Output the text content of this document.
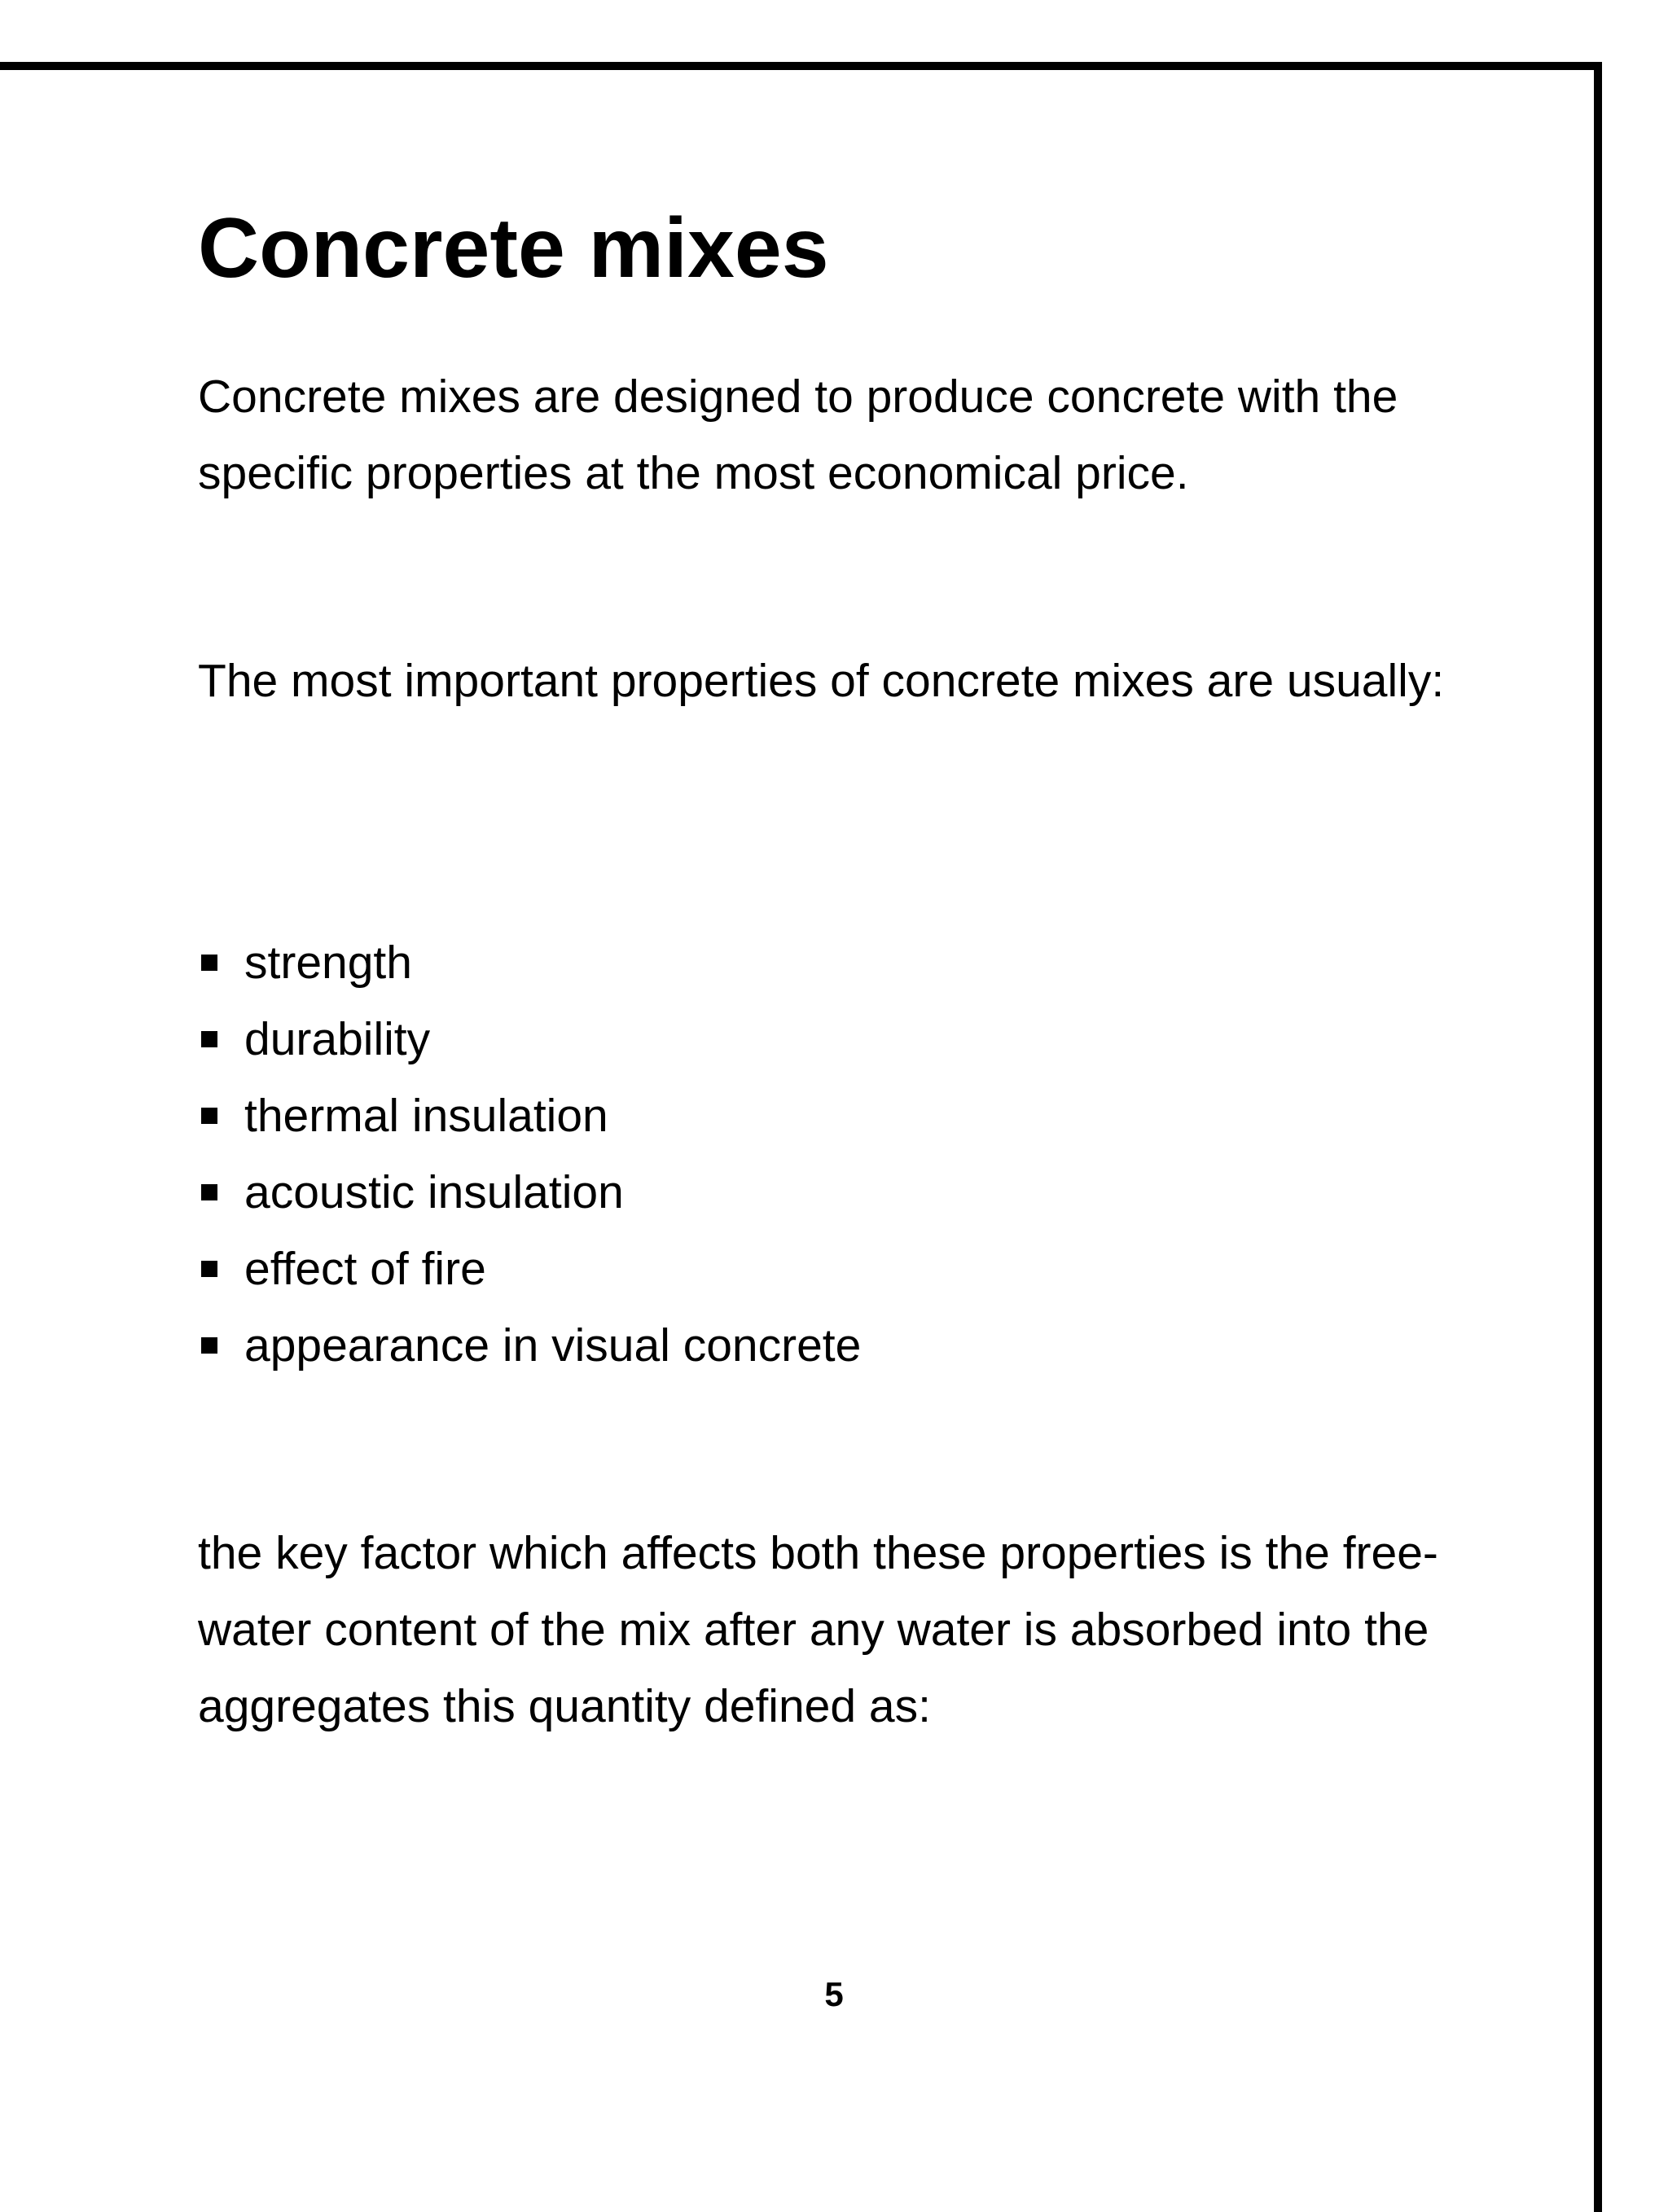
Concrete mixes

Concrete mixes are designed to produce concrete with the specific properties at the most economical price.

The most important properties of concrete mixes are usually:

strength
durability
thermal insulation
acoustic insulation
effect of fire
appearance in visual concrete

the key factor which affects both these properties is the free-water content of the mix after any water is absorbed into the aggregates this quantity defined as:

5
